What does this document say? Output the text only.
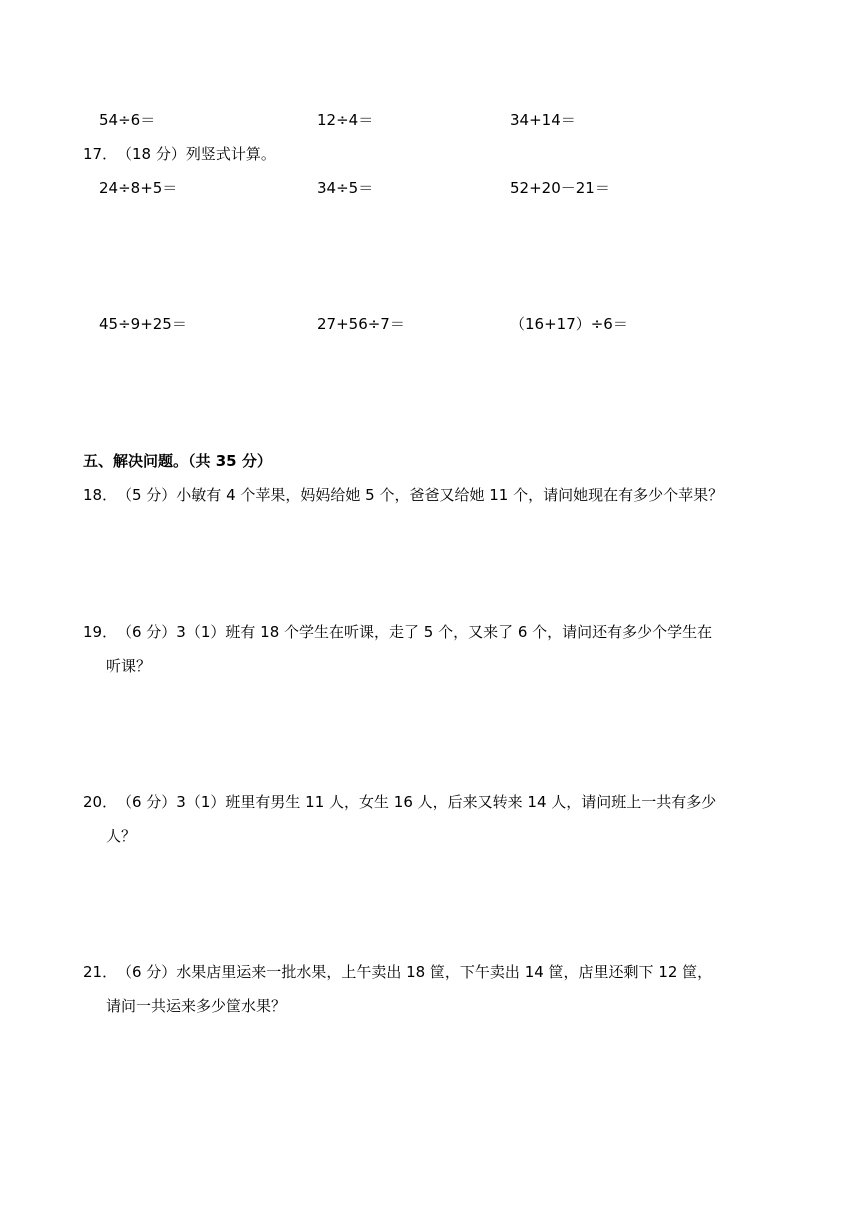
54÷6＝	12÷4＝	34+14＝
17． （18 分）列竖式计算。
24÷8+5＝	34÷5＝	52+20－21＝
45÷9+25＝	27+56÷7＝	（16+17）÷6＝
五、解决问题。（共 35 分）
18． （5 分）小敏有 4 个苹果，妈妈给她 5 个，爸爸又给她 11 个，请问她现在有多少个苹果？
19． （6 分）3（1）班有 18 个学生在听课，走了 5 个，又来了 6 个，请问还有多少个学生在
听课？
20． （6 分）3（1）班里有男生 11 人，女生 16 人，后来又转来 14 人，请问班上一共有多少
人？
21． （6 分）水果店里运来一批水果，上午卖出 18 筐，下午卖出 14 筐，店里还剩下 12 筐，
请问一共运来多少筐水果？
